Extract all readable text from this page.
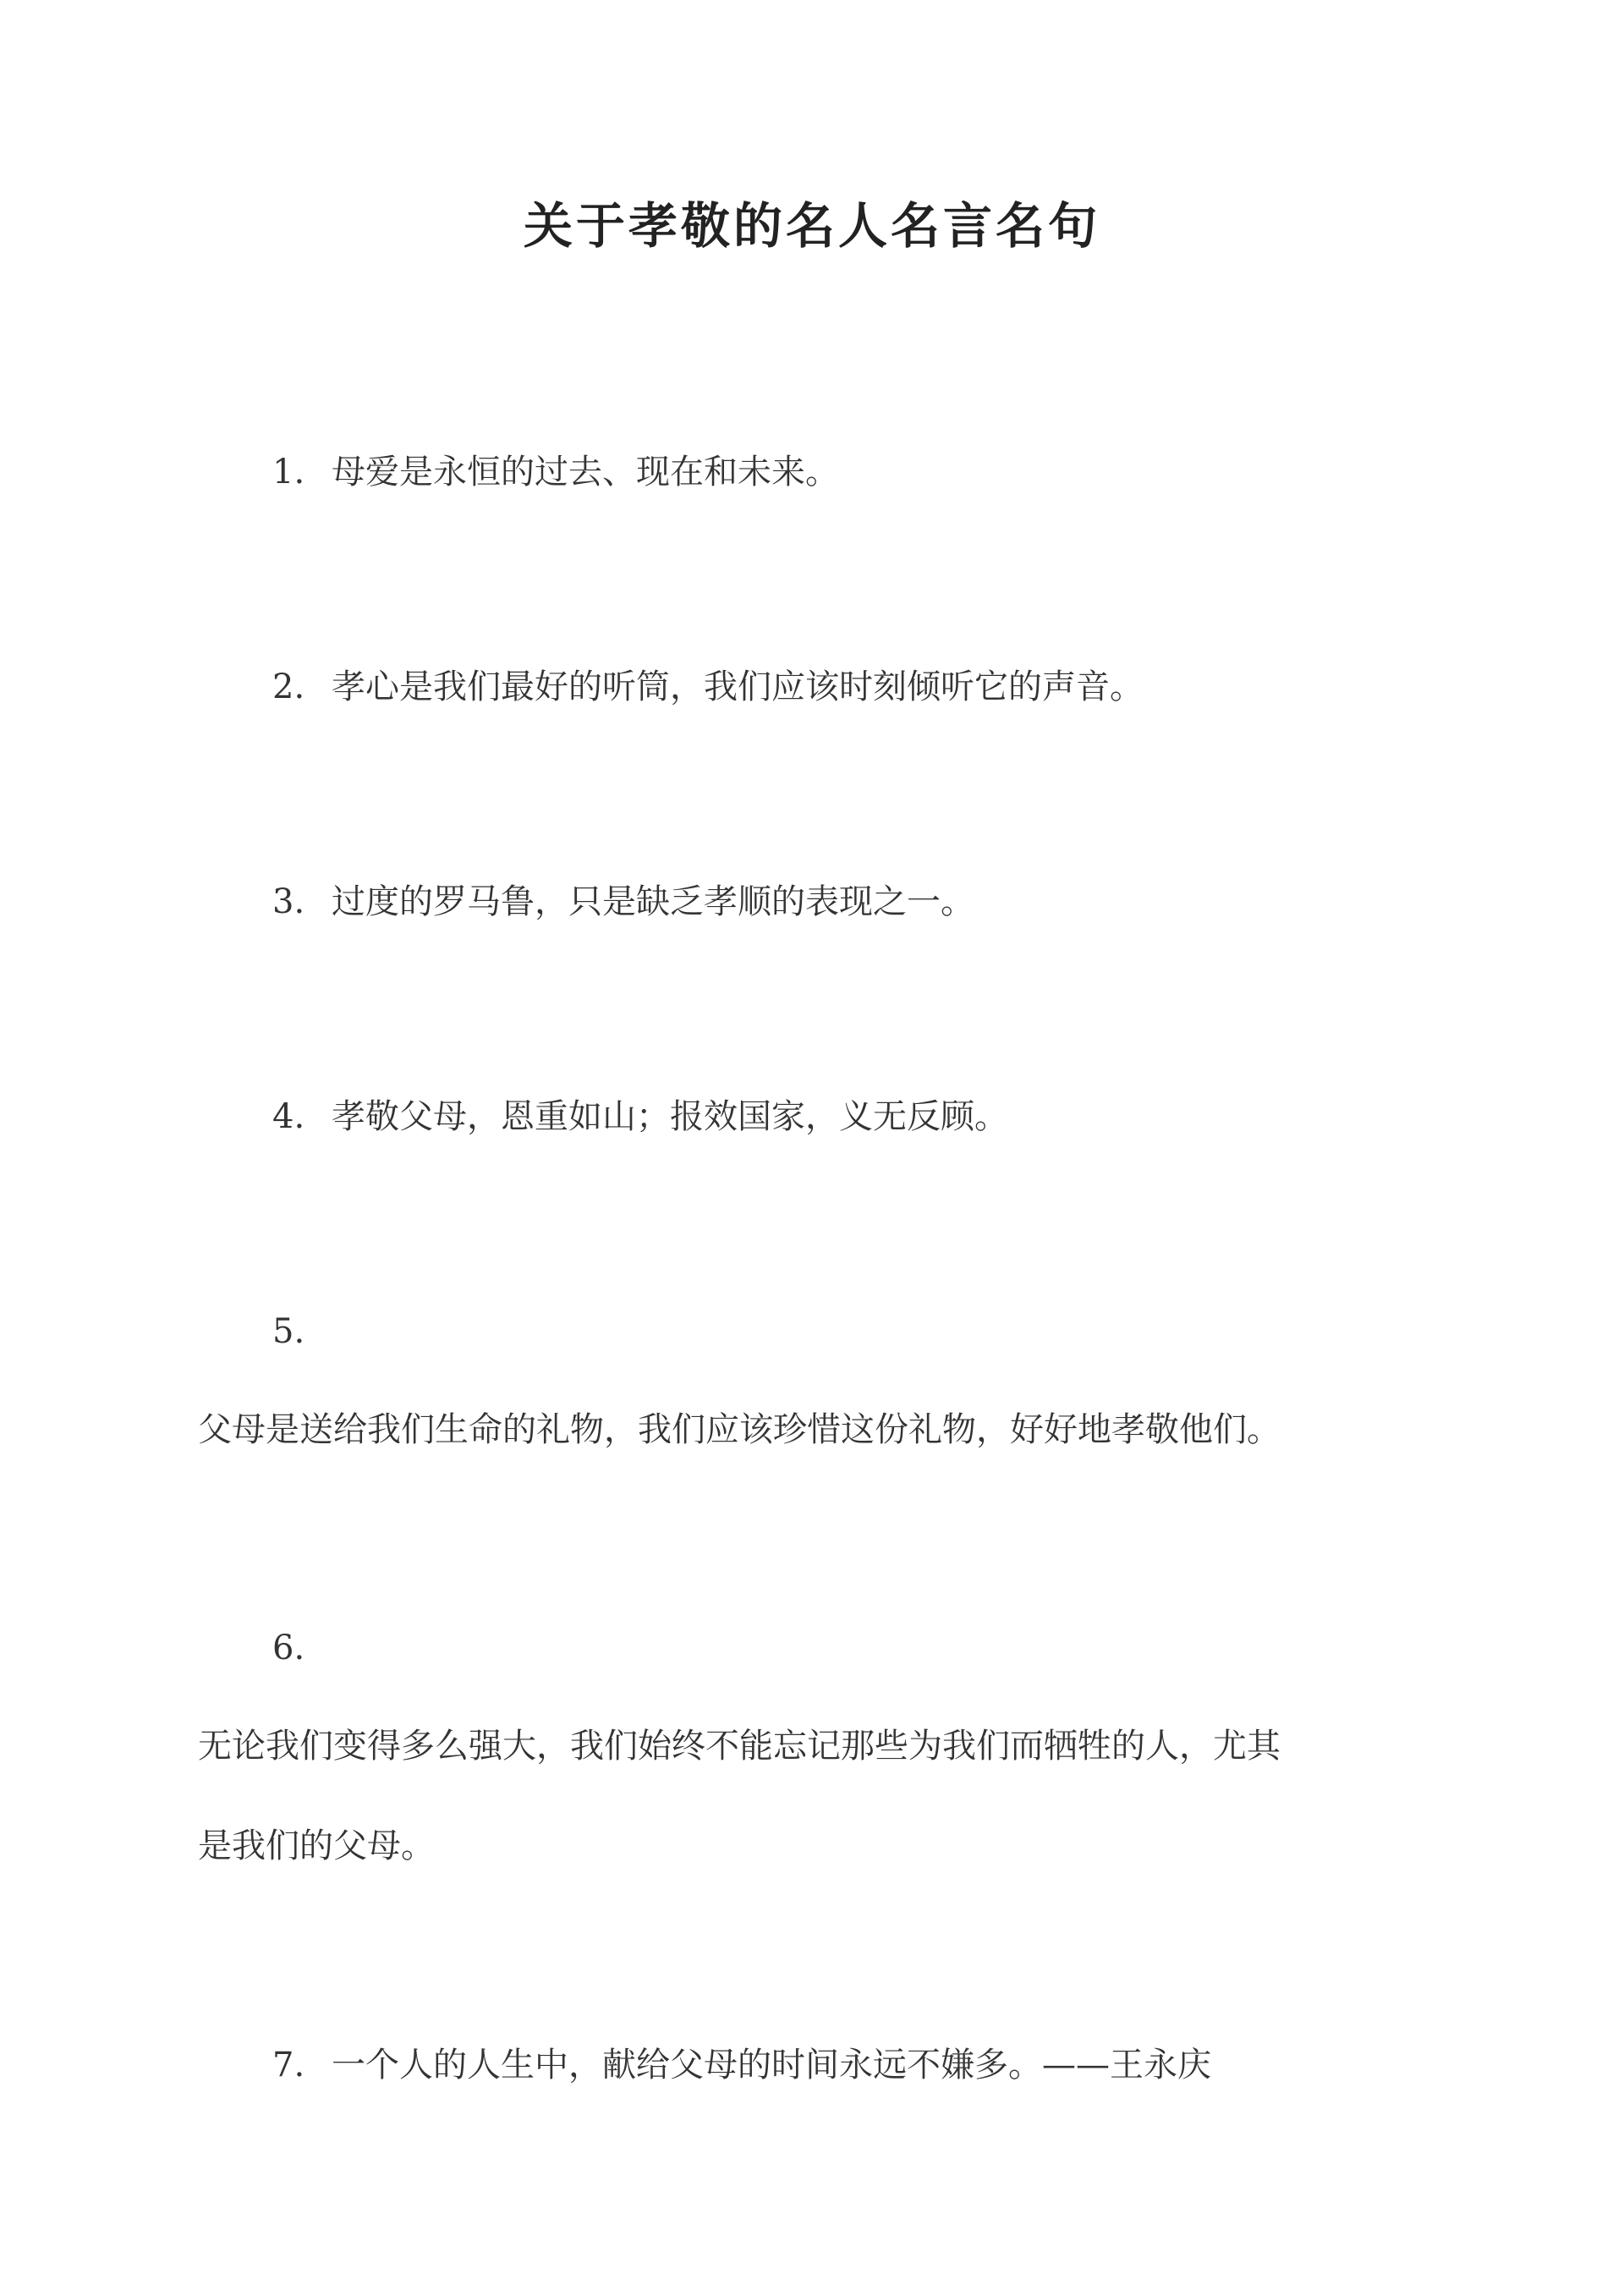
关于孝敬的名人名言名句
1. 母爱是永恒的过去、现在和未来。
2. 孝心是我们最好的听筒，我们应该时刻倾听它的声音。
3. 过度的罗马鲁，只是缺乏孝顺的表现之一。
4. 孝敬父母，恩重如山；报效国家，义无反顾。
5.
父母是送给我们生命的礼物，我们应该珍惜这份礼物，好好地孝敬他们。
6.
无论我们变得多么强大，我们始终不能忘记那些为我们而牺牲的人，尤其
是我们的父母。
7. 一个人的人生中，献给父母的时间永远不嫌多。——王永庆
